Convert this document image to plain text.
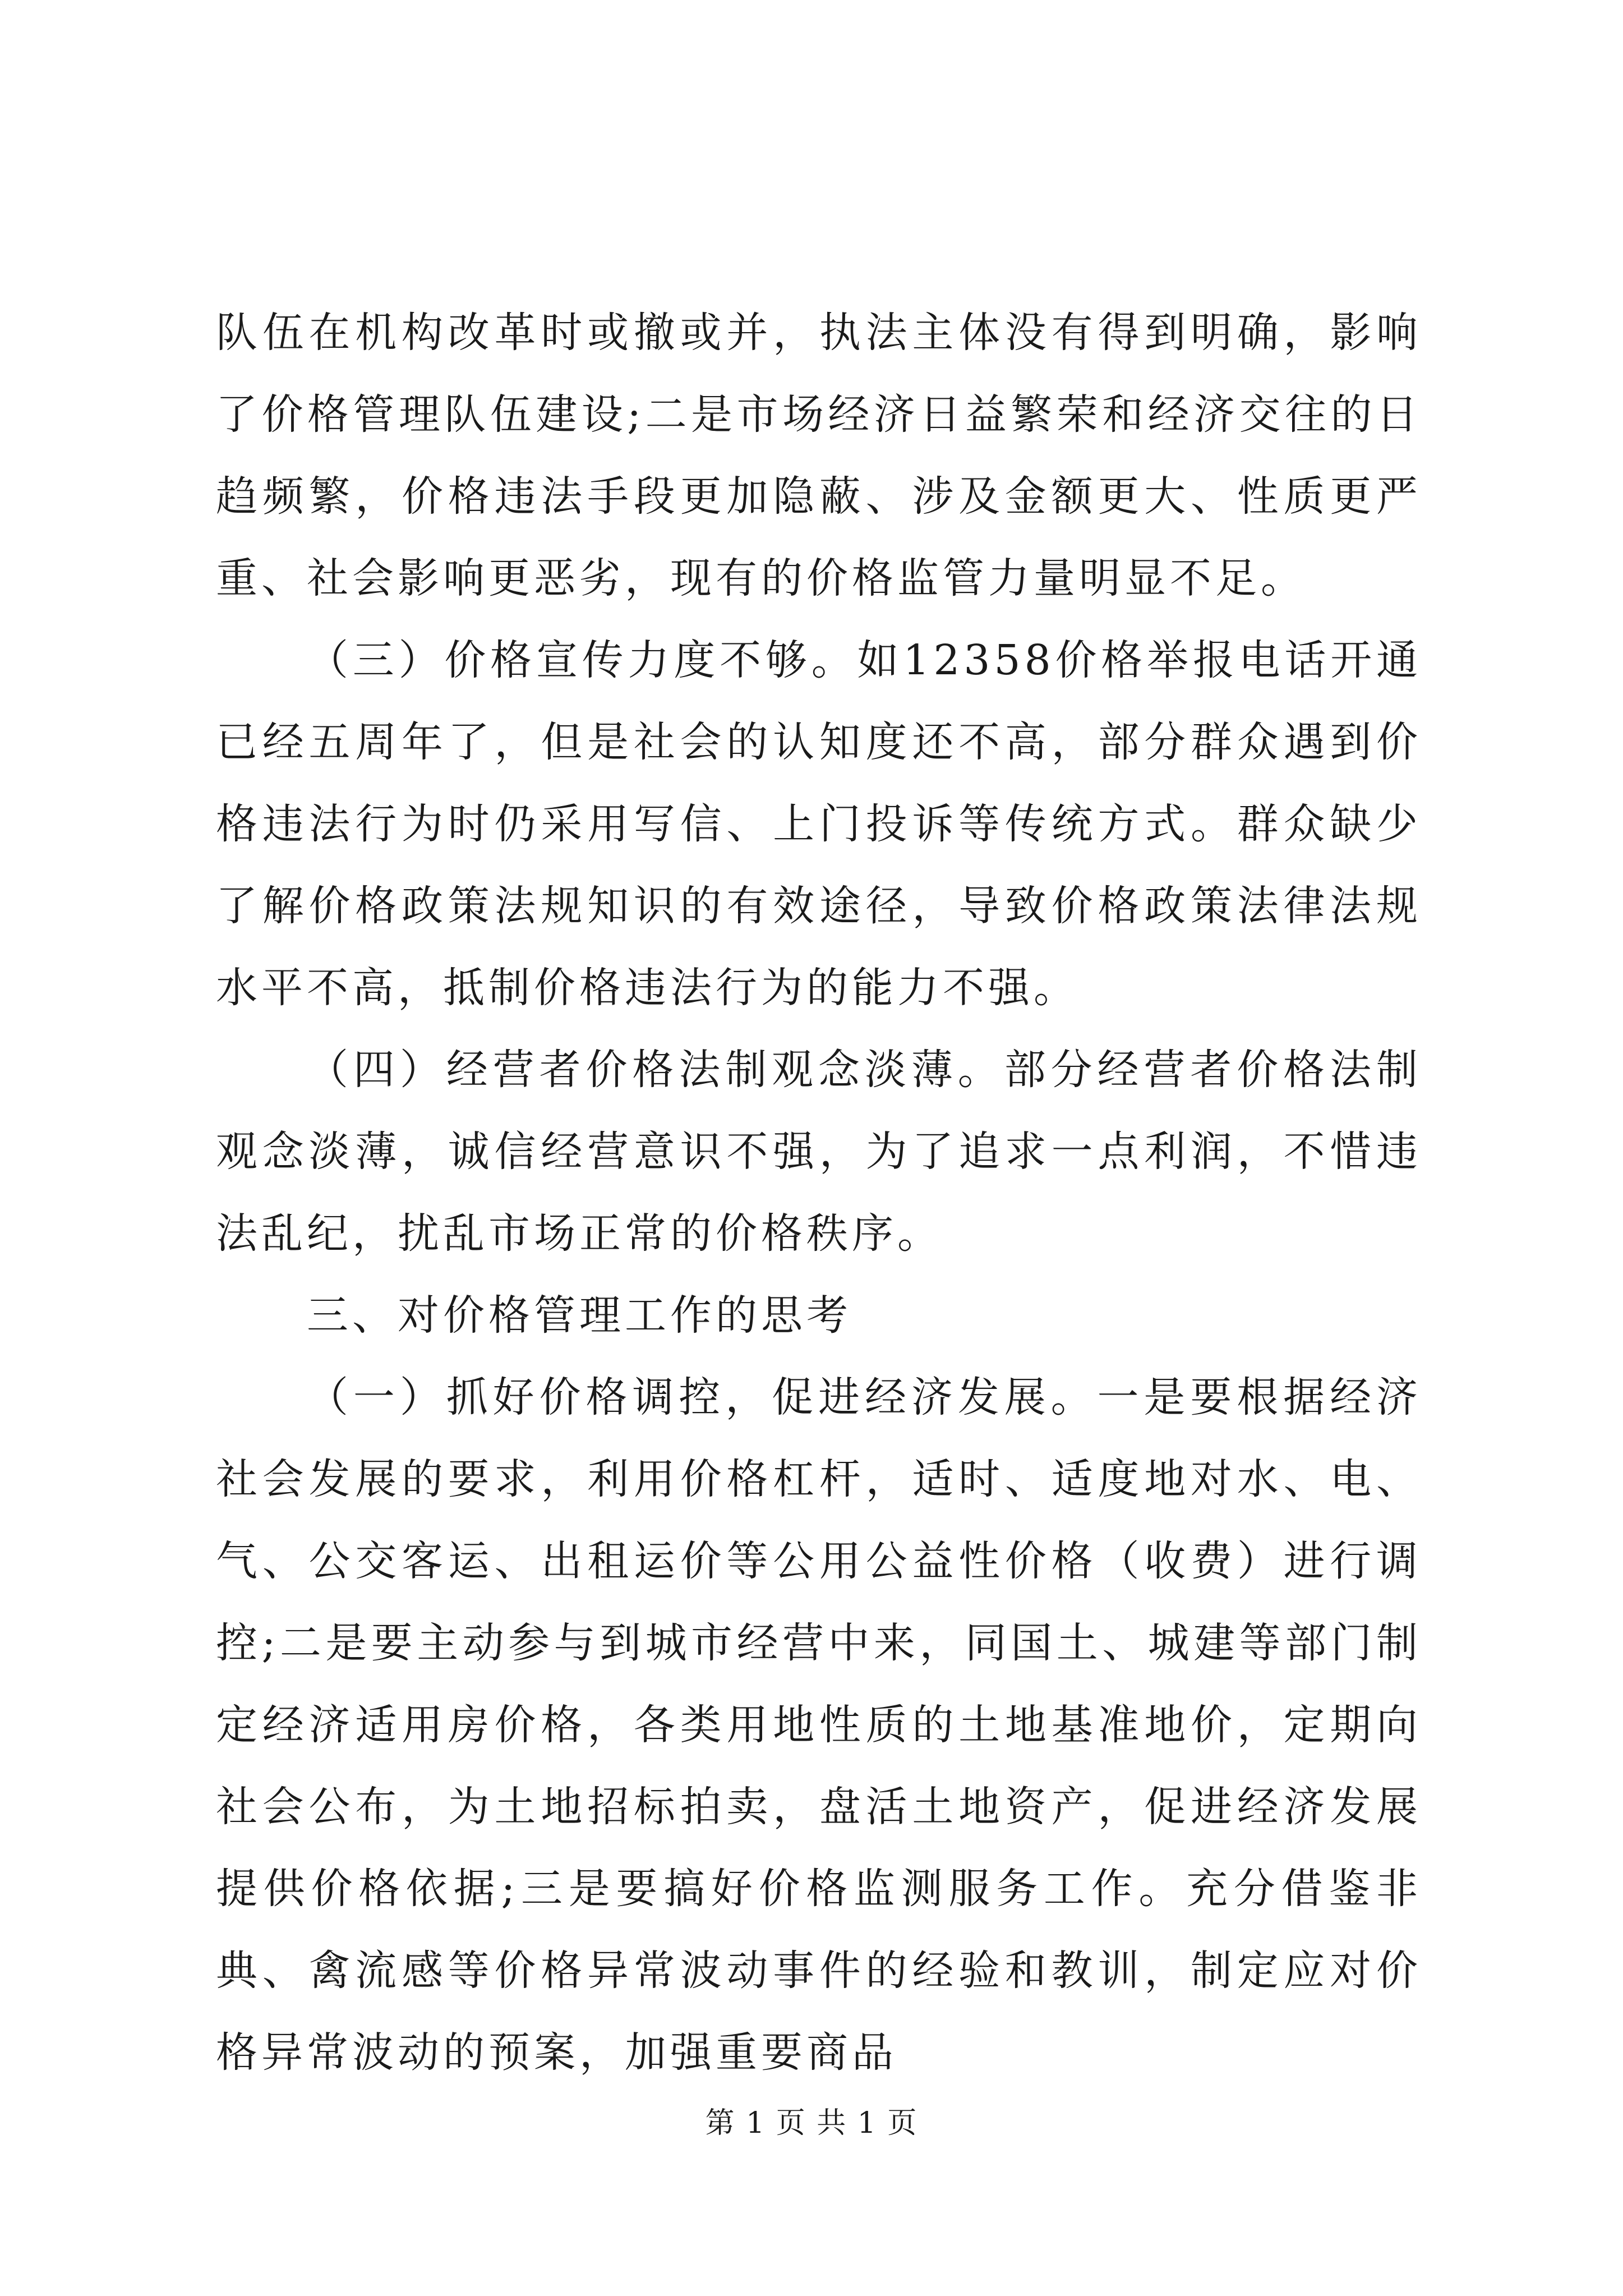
队伍在机构改革时或撤或并，执法主体没有得到明确，影响了价格管理队伍建设;二是市场经济日益繁荣和经济交往的日趋频繁，价格违法手段更加隐蔽、涉及金额更大、性质更严重、社会影响更恶劣，现有的价格监管力量明显不足。

（三）价格宣传力度不够。如12358价格举报电话开通已经五周年了，但是社会的认知度还不高，部分群众遇到价格违法行为时仍采用写信、上门投诉等传统方式。群众缺少了解价格政策法规知识的有效途径，导致价格政策法律法规水平不高，抵制价格违法行为的能力不强。

（四）经营者价格法制观念淡薄。部分经营者价格法制观念淡薄，诚信经营意识不强，为了追求一点利润，不惜违法乱纪，扰乱市场正常的价格秩序。

三、对价格管理工作的思考

（一）抓好价格调控，促进经济发展。一是要根据经济社会发展的要求，利用价格杠杆，适时、适度地对水、电、气、公交客运、出租运价等公用公益性价格（收费）进行调控;二是要主动参与到城市经营中来，同国土、城建等部门制定经济适用房价格，各类用地性质的土地基准地价，定期向社会公布，为土地招标拍卖，盘活土地资产，促进经济发展提供价格依据;三是要搞好价格监测服务工作。充分借鉴非典、禽流感等价格异常波动事件的经验和教训，制定应对价格异常波动的预案，加强重要商品

第 1 页 共 1 页
